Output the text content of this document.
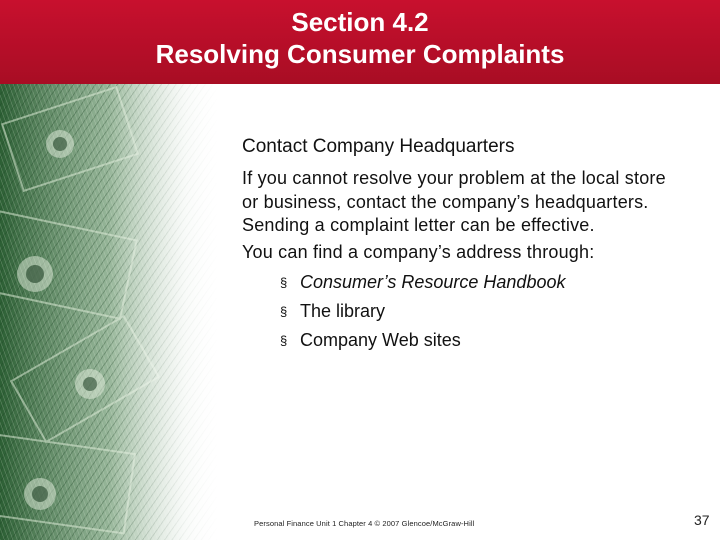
Section 4.2
Resolving Consumer Complaints
Contact Company Headquarters

If you cannot resolve your problem at the local store or business, contact the company’s headquarters. Sending a complaint letter can be effective.

You can find a company’s address through:

§ Consumer’s Resource Handbook
§ The library
§ Company Web sites
Personal Finance Unit 1 Chapter 4 © 2007 Glencoe/McGraw-Hill	37
